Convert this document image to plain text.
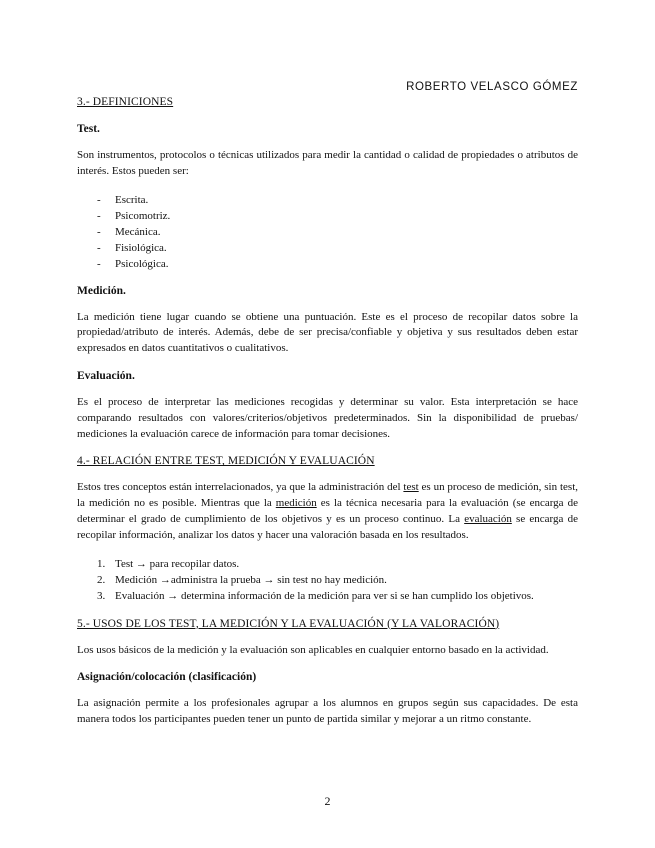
ROBERTO VELASCO GÓMEZ
3.- DEFINICIONES

Test.

Son instrumentos, protocolos o técnicas utilizados para medir la cantidad o calidad de propiedades o atributos de interés. Estos pueden ser:

- Escrita.
- Psicomotriz.
- Mecánica.
- Fisiológica.
- Psicológica.

Medición.

La medición tiene lugar cuando se obtiene una puntuación. Este es el proceso de recopilar datos sobre la propiedad/atributo de interés. Además, debe de ser precisa/confiable y objetiva y sus resultados deben estar expresados en datos cuantitativos o cualitativos.

Evaluación.

Es el proceso de interpretar las mediciones recogidas y determinar su valor. Esta interpretación se hace comparando resultados con valores/criterios/objetivos predeterminados. Sin la disponibilidad de pruebas/ mediciones la evaluación carece de información para tomar decisiones.

4.- RELACIÓN ENTRE TEST, MEDICIÓN Y EVALUACIÓN

Estos tres conceptos están interrelacionados, ya que la administración del test es un proceso de medición, sin test, la medición no es posible. Mientras que la medición es la técnica necesaria para la evaluación (se encarga de determinar el grado de cumplimiento de los objetivos y es un proceso continuo. La evaluación se encarga de recopilar información, analizar los datos y hacer una valoración basada en los resultados.

1. Test → para recopilar datos.
2. Medición →administra la prueba → sin test no hay medición.
3. Evaluación → determina información de la medición para ver si se han cumplido los objetivos.
5.- USOS DE LOS TEST, LA MEDICIÓN Y LA EVALUACIÓN (Y LA VALORACIÓN)

Los usos básicos de la medición y la evaluación son aplicables en cualquier entorno basado en la actividad.

Asignación/colocación (clasificación)

La asignación permite a los profesionales agrupar a los alumnos en grupos según sus capacidades. De esta manera todos los participantes pueden tener un punto de partida similar y mejorar a un ritmo constante.

2
